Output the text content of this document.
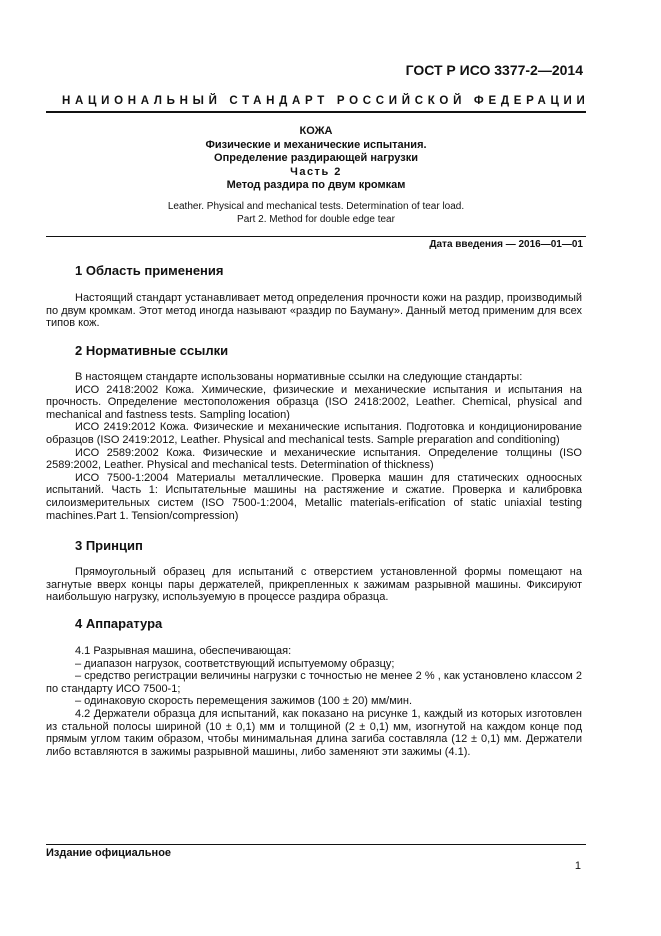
ГОСТ Р ИСО 3377-2—2014
НАЦИОНАЛЬНЫЙ СТАНДАРТ РОССИЙСКОЙ ФЕДЕРАЦИИ
КОЖА
Физические и механические испытания.
Определение раздирающей нагрузки
Часть 2
Метод раздира по двум кромкам
Leather. Physical and mechanical tests. Determination of tear load.
Part 2. Method for double edge tear
Дата введения — 2016—01—01
1 Область применения
Настоящий стандарт устанавливает метод определения прочности кожи на раздир, производимый по двум кромкам. Этот метод иногда называют «раздир по Бауману». Данный метод применим для всех типов кож.
2 Нормативные ссылки
В настоящем стандарте использованы нормативные ссылки на следующие стандарты:
ИСО 2418:2002 Кожа. Химические, физические и механические испытания и испытания на прочность. Определение местоположения образца (ISO 2418:2002, Leather. Chemical, physical and mechanical and fastness tests. Sampling location)
ИСО 2419:2012 Кожа. Физические и механические испытания. Подготовка и кондиционирование образцов (ISO 2419:2012, Leather. Physical and mechanical tests. Sample preparation and conditioning)
ИСО 2589:2002 Кожа. Физические и механические испытания. Определение толщины (ISO 2589:2002, Leather. Physical and mechanical tests. Determination of thickness)
ИСО 7500-1:2004 Материалы металлические. Проверка машин для статических одноосных испытаний. Часть 1: Испытательные машины на растяжение и сжатие. Проверка и калибровка силоизмерительных систем (ISO 7500-1:2004, Metallic materials-erification of static uniaxial testing machines.Part 1. Tension/compression)
3 Принцип
Прямоугольный образец для испытаний с отверстием установленной формы помещают на загнутые вверх концы пары держателей, прикрепленных к зажимам разрывной машины. Фиксируют наибольшую нагрузку, используемую в процессе раздира образца.
4 Аппаратура
4.1 Разрывная машина, обеспечивающая:
– диапазон нагрузок, соответствующий испытуемому образцу;
– средство регистрации величины нагрузки с точностью не менее 2 % , как установлено классом 2 по стандарту ИСО 7500-1;
– одинаковую скорость перемещения зажимов (100 ± 20) мм/мин.
4.2 Держатели образца для испытаний, как показано на рисунке 1, каждый из которых изготовлен из стальной полосы шириной (10 ± 0,1) мм и толщиной (2 ± 0,1) мм, изогнутой на каждом конце под прямым углом таким образом, чтобы минимальная длина загиба составляла (12 ± 0,1) мм. Держатели либо вставляются в зажимы разрывной машины, либо заменяют эти зажимы (4.1).
Издание официальное
1
